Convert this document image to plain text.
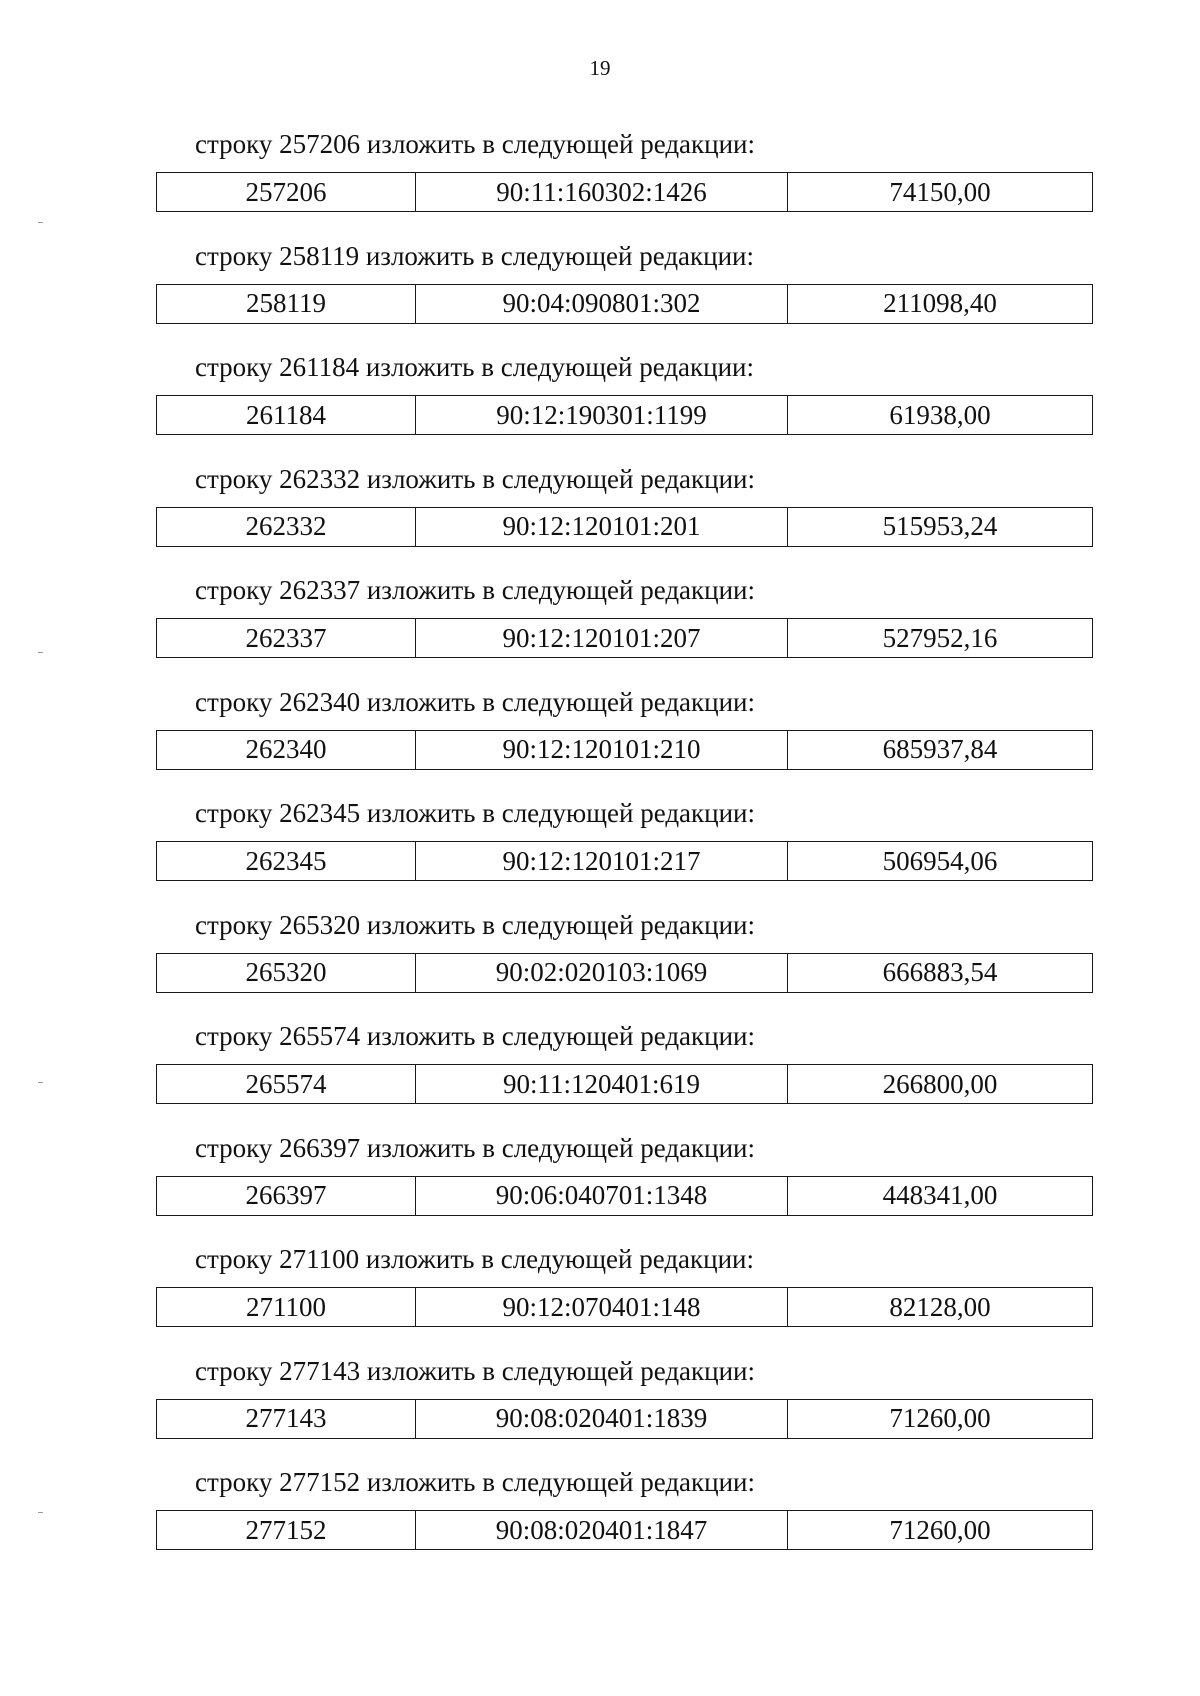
19
строку 257206 изложить в следующей редакции:
257206	90:11:160302:1426	74150,00
строку 258119 изложить в следующей редакции:
258119	90:04:090801:302	211098,40
строку 261184 изложить в следующей редакции:
261184	90:12:190301:1199	61938,00
строку 262332 изложить в следующей редакции:
262332	90:12:120101:201	515953,24
строку 262337 изложить в следующей редакции:
262337	90:12:120101:207	527952,16
строку 262340 изложить в следующей редакции:
262340	90:12:120101:210	685937,84
строку 262345 изложить в следующей редакции:
262345	90:12:120101:217	506954,06
строку 265320 изложить в следующей редакции:
265320	90:02:020103:1069	666883,54
строку 265574 изложить в следующей редакции:
265574	90:11:120401:619	266800,00
строку 266397 изложить в следующей редакции:
266397	90:06:040701:1348	448341,00
строку 271100 изложить в следующей редакции:
271100	90:12:070401:148	82128,00
строку 277143 изложить в следующей редакции:
277143	90:08:020401:1839	71260,00
строку 277152 изложить в следующей редакции:
277152	90:08:020401:1847	71260,00
